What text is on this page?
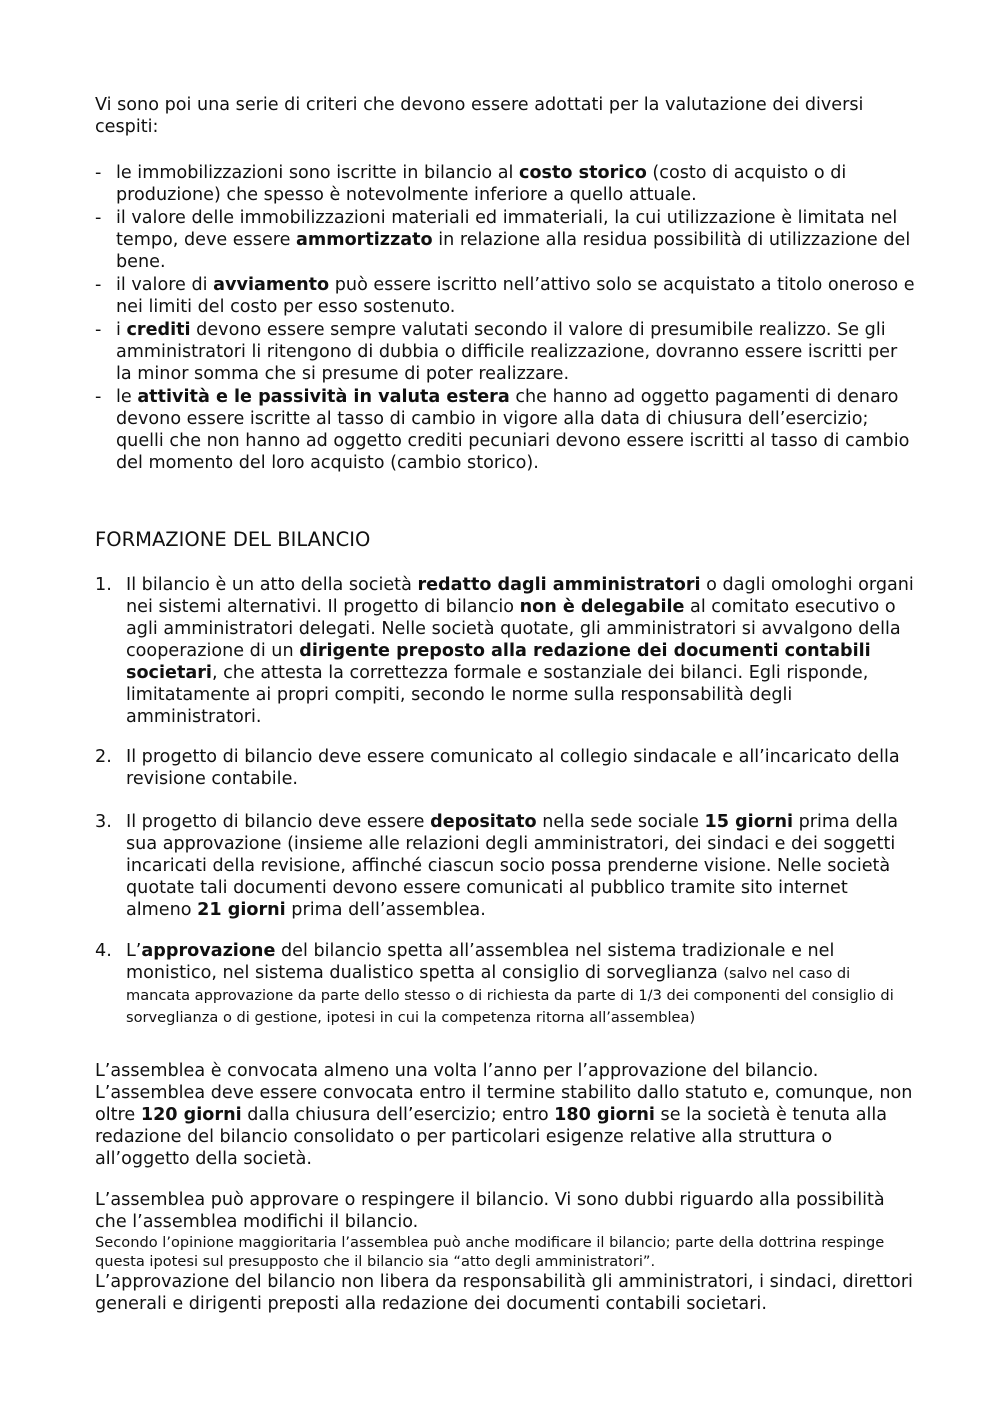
Vi sono poi una serie di criteri che devono essere adottati per la valutazione dei diversi cespiti:

- le immobilizzazioni sono iscritte in bilancio al costo storico (costo di acquisto o di produzione) che spesso è notevolmente inferiore a quello attuale.
- il valore delle immobilizzazioni materiali ed immateriali, la cui utilizzazione è limitata nel tempo, deve essere ammortizzato in relazione alla residua possibilità di utilizzazione del bene.
- il valore di avviamento può essere iscritto nell’attivo solo se acquistato a titolo oneroso e nei limiti del costo per esso sostenuto.
- i crediti devono essere sempre valutati secondo il valore di presumibile realizzo. Se gli amministratori li ritengono di dubbia o difficile realizzazione, dovranno essere iscritti per la minor somma che si presume di poter realizzare.
- le attività e le passività in valuta estera che hanno ad oggetto pagamenti di denaro devono essere iscritte al tasso di cambio in vigore alla data di chiusura dell’esercizio; quelli che non hanno ad oggetto crediti pecuniari devono essere iscritti al tasso di cambio del momento del loro acquisto (cambio storico).
FORMAZIONE DEL BILANCIO
1. Il bilancio è un atto della società redatto dagli amministratori o dagli omologhi organi nei sistemi alternativi. Il progetto di bilancio non è delegabile al comitato esecutivo o agli amministratori delegati. Nelle società quotate, gli amministratori si avvalgono della cooperazione di un dirigente preposto alla redazione dei documenti contabili societari, che attesta la correttezza formale e sostanziale dei bilanci. Egli risponde, limitatamente ai propri compiti, secondo le norme sulla responsabilità degli amministratori.
2. Il progetto di bilancio deve essere comunicato al collegio sindacale e all’incaricato della revisione contabile.
3. Il progetto di bilancio deve essere depositato nella sede sociale 15 giorni prima della sua approvazione (insieme alle relazioni degli amministratori, dei sindaci e dei soggetti incaricati della revisione, affinché ciascun socio possa prenderne visione. Nelle società quotate tali documenti devono essere comunicati al pubblico tramite sito internet almeno 21 giorni prima dell’assemblea.
4. L’approvazione del bilancio spetta all’assemblea nel sistema tradizionale e nel monistico, nel sistema dualistico spetta al consiglio di sorveglianza (salvo nel caso di mancata approvazione da parte dello stesso o di richiesta da parte di 1/3 dei componenti del consiglio di sorveglianza o di gestione, ipotesi in cui la competenza ritorna all’assemblea)

L’assemblea è convocata almeno una volta l’anno per l’approvazione del bilancio. L’assemblea deve essere convocata entro il termine stabilito dallo statuto e, comunque, non oltre 120 giorni dalla chiusura dell’esercizio; entro 180 giorni se la società è tenuta alla redazione del bilancio consolidato o per particolari esigenze relative alla struttura o all’oggetto della società.

L’assemblea può approvare o respingere il bilancio. Vi sono dubbi riguardo alla possibilità che l’assemblea modifichi il bilancio.
Secondo l’opinione maggioritaria l’assemblea può anche modificare il bilancio; parte della dottrina respinge questa ipotesi sul presupposto che il bilancio sia “atto degli amministratori”.
L’approvazione del bilancio non libera da responsabilità gli amministratori, i sindaci, direttori generali e dirigenti preposti alla redazione dei documenti contabili societari.
